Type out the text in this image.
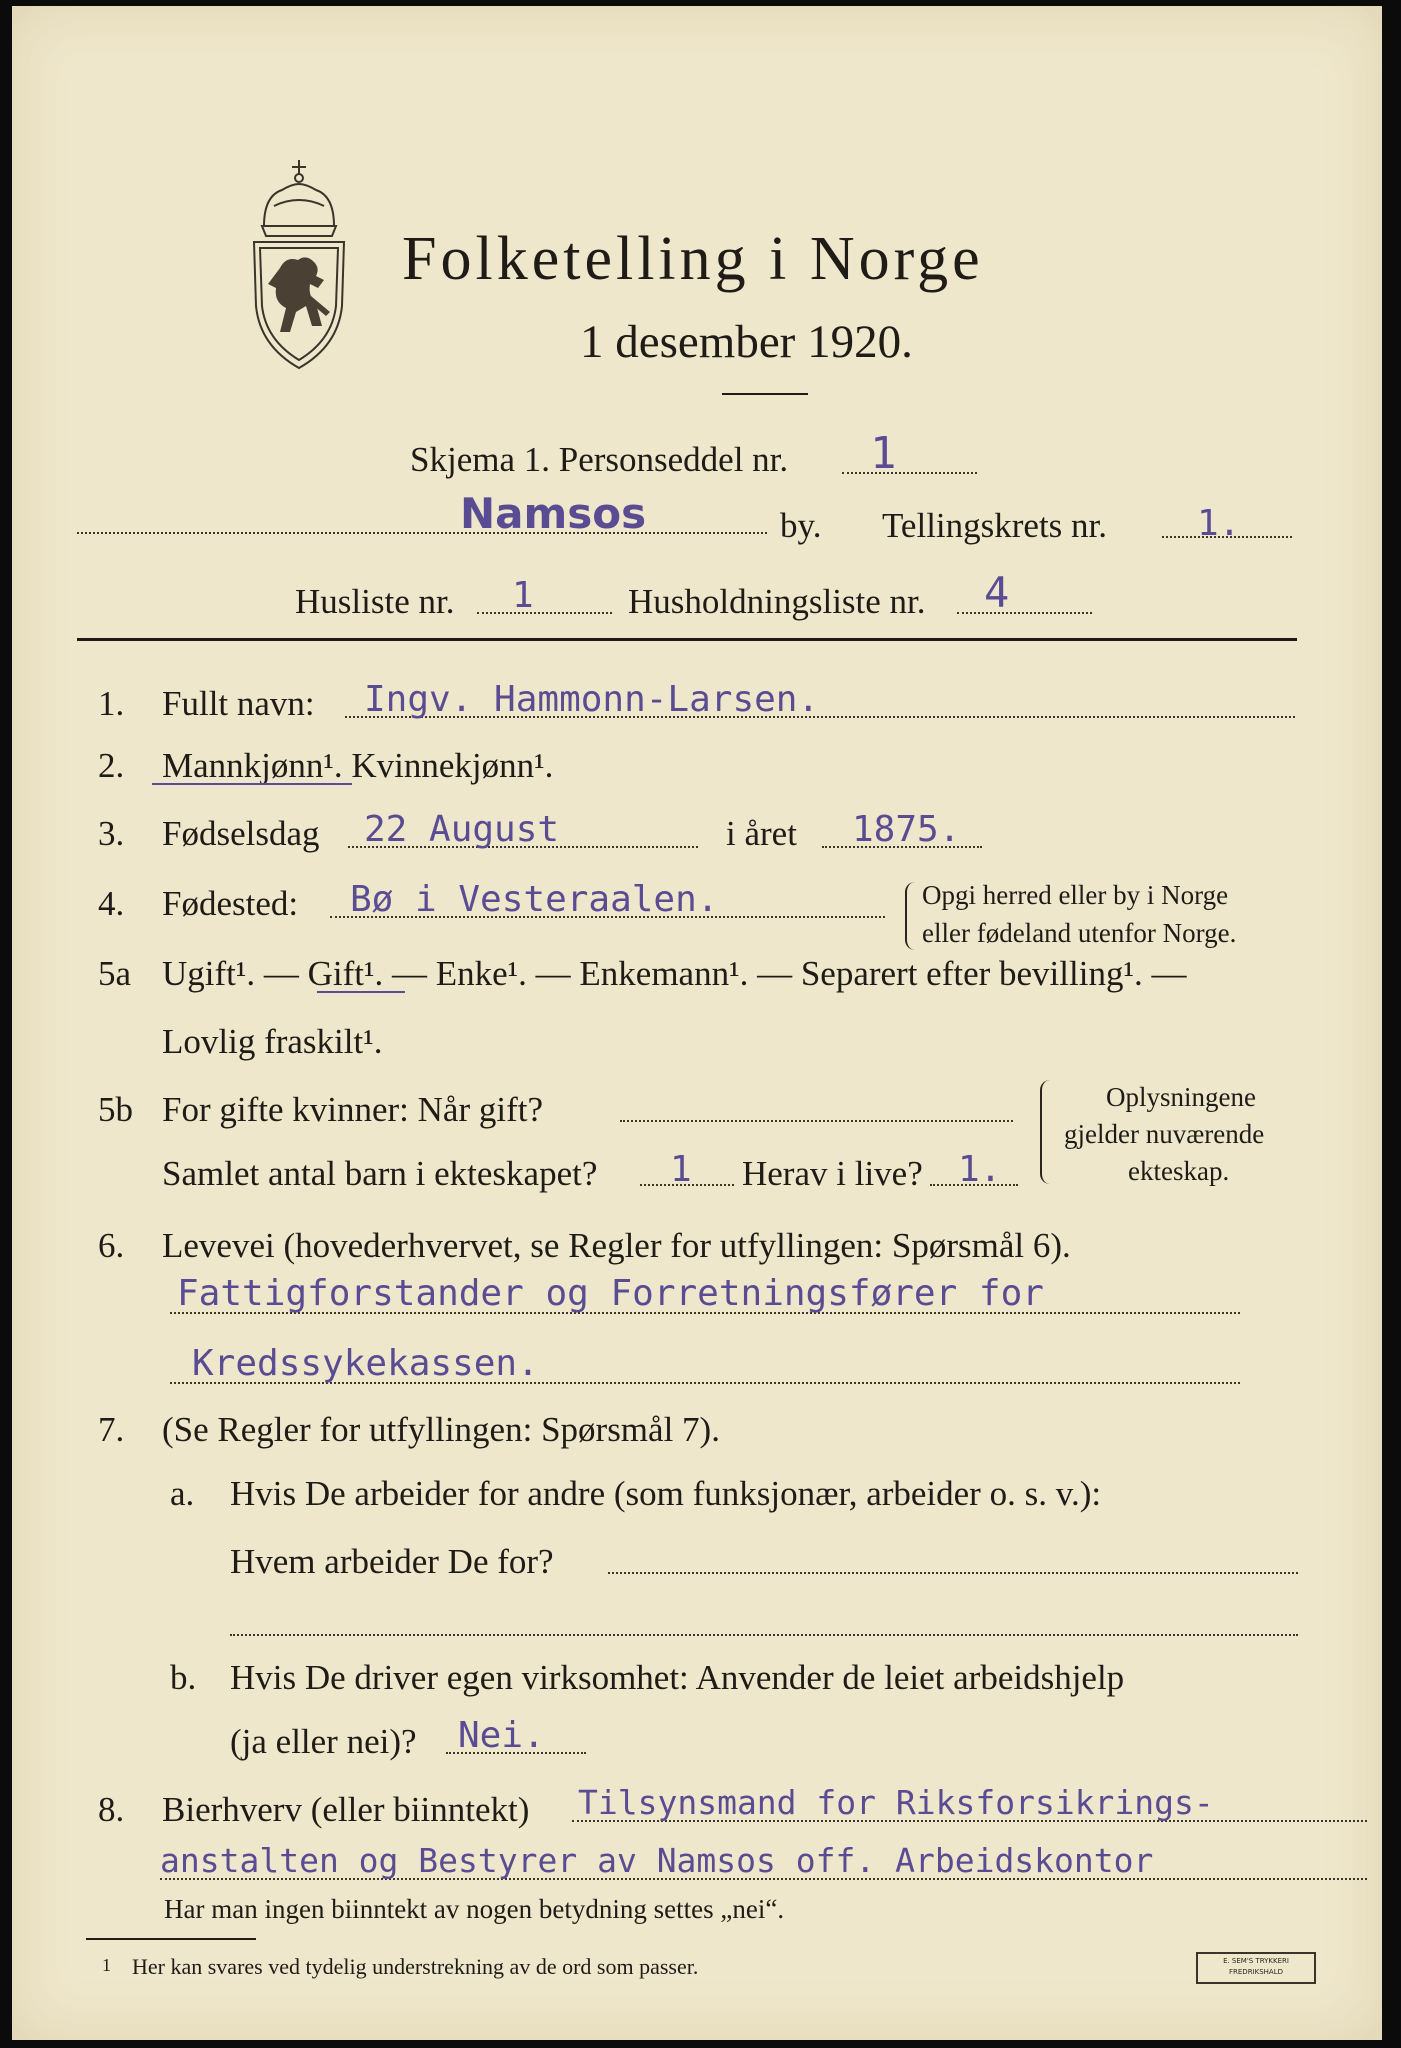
Folketelling i Norge
1 desember 1920.
Skjema 1. Personseddel nr. 1
Namsos	by. Tellingskrets nr. 1.
Husliste nr. 1	Husholdningsliste nr. 4
1. Fullt navn: Ingv. Hammonn-Larsen.
2. Mannkjønn¹. Kvinnekjønn¹.
3. Fødselsdag 22 August	i året 1875.
4. Fødested: Bø i Vesteraalen.	Opgi herred eller by i Norge
eller fødeland utenfor Norge.
5a Ugift¹. — Gift¹. — Enke¹. — Enkemann¹. — Separert efter bevilling¹. —
Lovlig fraskilt¹.
5b For gifte kvinner: Når gift?
Samlet antal barn i ekteskapet? 1 Herav i live? 1.
Oplysningene
gjelder nuværende
ekteskap.
6. Levevei (hovederhvervet, se Regler for utfyllingen: Spørsmål 6).
Fattigforstander og Forretningsfører for
Kredssykekassen.
7. (Se Regler for utfyllingen: Spørsmål 7).
a. Hvis De arbeider for andre (som funksjonær, arbeider o. s. v.):
Hvem arbeider De for?
b. Hvis De driver egen virksomhet: Anvender de leiet arbeidshjelp
(ja eller nei)? Nei.
8. Bierhverv (eller biinntekt) Tilsynsmand for Riksforsikrings-
anstalten og Bestyrer av Namsos off. Arbeidskontor
Har man ingen biinntekt av nogen betydning settes „nei“.
1 Her kan svares ved tydelig understrekning av de ord som passer.	E. SEM'S TRYKKERI
FREDRIKSHALD
